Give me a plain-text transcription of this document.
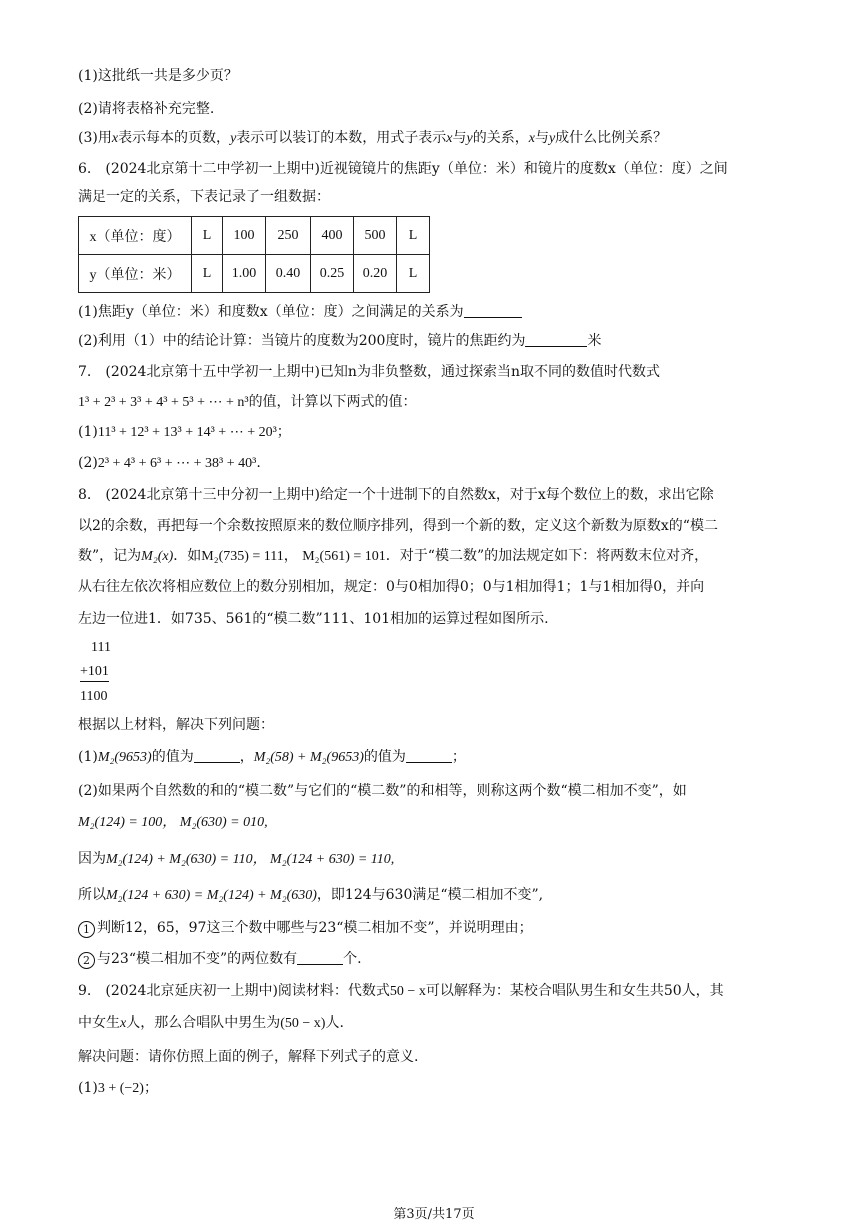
(1)这批纸一共是多少页？
(2)请将表格补充完整.
(3)用x表示每本的页数，y表示可以装订的本数，用式子表示x与y的关系，x与y成什么比例关系？
6. (2024北京第十二中学初一上期中)近视镜镜片的焦距y（单位：米）和镜片的度数x（单位：度）之间
满足一定的关系，下表记录了一组数据：
x（单位：度）	L	100	250	400	500	L
y（单位：米）	L	1.00	0.40	0.25	0.20	L
(1)焦距y（单位：米）和度数x（单位：度）之间满足的关系为
(2)利用（1）中的结论计算：当镜片的度数为200度时，镜片的焦距约为	米
7. (2024北京第十五中学初一上期中)已知n为非负整数，通过探索当n取不同的数值时代数式
1³ + 2³ + 3³ + 4³ + 5³ + ⋯ + n³的值，计算以下两式的值：
(1)11³ + 12³ + 13³ + 14³ + ⋯ + 20³；
(2)2³ + 4³ + 6³ + ⋯ + 38³ + 40³.
8. (2024北京第十三中分初一上期中)给定一个十进制下的自然数x，对于x每个数位上的数，求出它除
以2的余数，再把每一个余数按照原来的数位顺序排列，得到一个新的数，定义这个新数为原数x的“模二
数”，记为M₂(x)．如M₂(735) = 111， M₂(561) = 101．对于“模二数”的加法规定如下：将两数末位对齐，
从右往左依次将相应数位上的数分别相加，规定：0与0相加得0；0与1相加得1；1与1相加得0，并向
左边一位进1．如735、561的“模二数”111、101相加的运算过程如图所示.
111
+101
1100
根据以上材料，解决下列问题：
(1)M₂(9653)的值为	，M₂(58) + M₂(9653)的值为	；
(2)如果两个自然数的和的“模二数”与它们的“模二数”的和相等，则称这两个数“模二相加不变”，如
M₂(124) = 100， M₂(630) = 010,
因为M₂(124) + M₂(630) = 110， M₂(124 + 630) = 110,
所以M₂(124 + 630) = M₂(124) + M₂(630)，即124与630满足“模二相加不变”,
1 判断12，65，97这三个数中哪些与23“模二相加不变”，并说明理由；
2 与23“模二相加不变”的两位数有	个.
9. (2024北京延庆初一上期中)阅读材料：代数式50 − x可以解释为：某校合唱队男生和女生共50人，其
中女生x人，那么合唱队中男生为(50 − x)人.
解决问题：请你仿照上面的例子，解释下列式子的意义.
(1)3 + (−2)；
第3页/共17页
